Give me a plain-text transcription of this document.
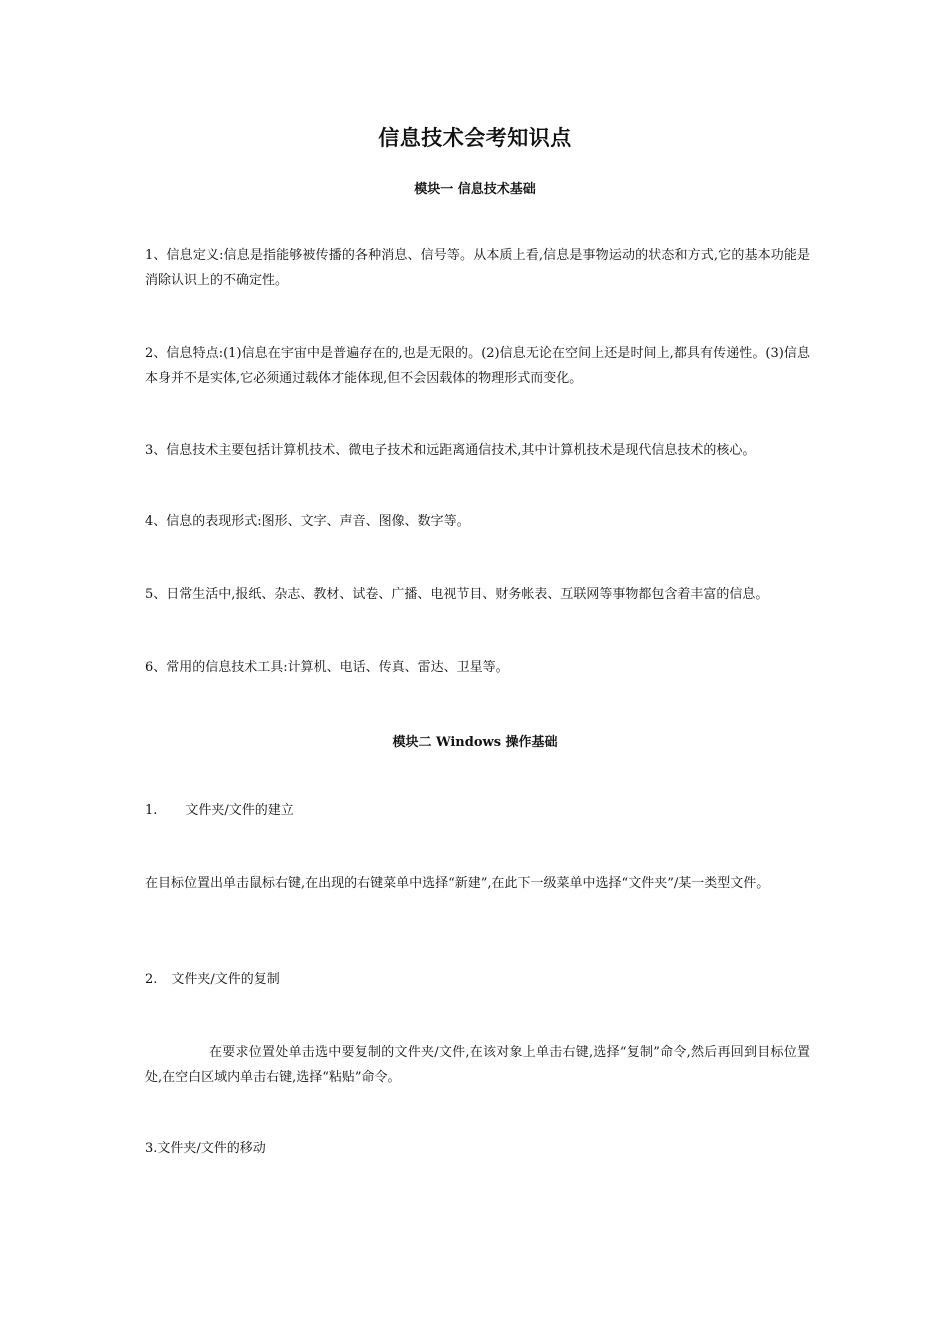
信息技术会考知识点
模块一 信息技术基础
1、信息定义:信息是指能够被传播的各种消息、信号等。从本质上看,信息是事物运动的状态和方式,它的基本功能是消除认识上的不确定性。
2、信息特点:(1)信息在宇宙中是普遍存在的,也是无限的。(2)信息无论在空间上还是时间上,都具有传递性。(3)信息本身并不是实体,它必须通过载体才能体现,但不会因载体的物理形式而变化。
3、信息技术主要包括计算机技术、微电子技术和远距离通信技术,其中计算机技术是现代信息技术的核心。
4、信息的表现形式:图形、文字、声音、图像、数字等。
5、日常生活中,报纸、杂志、教材、试卷、广播、电视节目、财务帐表、互联网等事物都包含着丰富的信息。
6、常用的信息技术工具:计算机、电话、传真、雷达、卫星等。
模块二 Windows 操作基础
1. 文件夹/文件的建立
在目标位置出单击鼠标右键,在出现的右键菜单中选择“新建”,在此下一级菜单中选择“文件夹”/某一类型文件。
2. 文件夹/文件的复制
在要求位置处单击选中要复制的文件夹/文件,在该对象上单击右键,选择“复制”命令,然后再回到目标位置处,在空白区域内单击右键,选择“粘贴”命令。
3.文件夹/文件的移动
